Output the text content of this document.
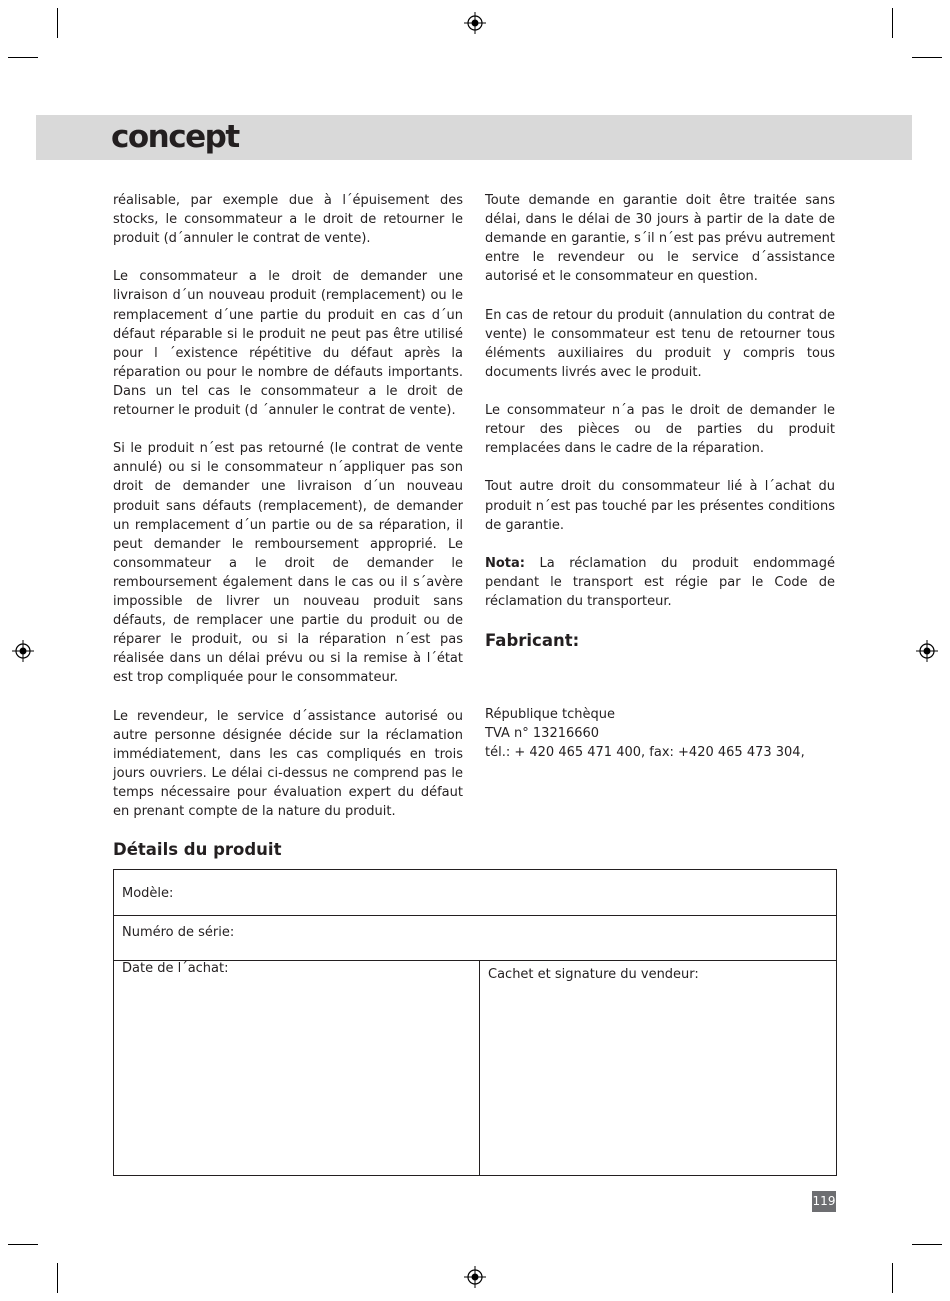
concept

réalisable, par exemple due à l´épuisement des stocks, le consommateur a le droit de retourner le produit (d´annuler le contrat de vente).

Le consommateur a le droit de demander une livraison d´un nouveau produit (remplacement) ou le remplacement d´une partie du produit en cas d´un défaut réparable si le produit ne peut pas être utilisé pour l ´existence répétitive du défaut après la réparation ou pour le nombre de défauts importants. Dans un tel cas le consommateur a le droit de retourner le produit (d ´annuler le contrat de vente).

Si le produit n´est pas retourné (le contrat de vente annulé) ou si le consommateur n´appliquer pas son droit de demander une livraison d´un nouveau produit sans défauts (remplacement), de demander un remplacement d´un partie ou de sa réparation, il peut demander le remboursement approprié. Le consommateur a le droit de demander le remboursement également dans le cas ou il s´avère impossible de livrer un nouveau produit sans défauts, de remplacer une partie du produit ou de réparer le produit, ou si la réparation n´est pas réalisée dans un délai prévu ou si la remise à l´état est trop compliquée pour le consommateur.

Le revendeur, le service d´assistance autorisé ou autre personne désignée décide sur la réclamation immédiatement, dans les cas compliqués en trois jours ouvriers. Le délai ci-dessus ne comprend pas le temps nécessaire pour évaluation expert du défaut en prenant compte de la nature du produit.

Toute demande en garantie doit être traitée sans délai, dans le délai de 30 jours à partir de la date de demande en garantie, s´il n´est pas prévu autrement entre le revendeur ou le service d´assistance autorisé et le consommateur en question.

En cas de retour du produit (annulation du contrat de vente) le consommateur est tenu de retourner tous éléments auxiliaires du produit y compris tous documents livrés avec le produit.

Le consommateur n´a pas le droit de demander le retour des pièces ou de parties du produit remplacées dans le cadre de la réparation.

Tout autre droit du consommateur lié à l´achat du produit n´est pas touché par les présentes conditions de garantie.

Nota: La réclamation du produit endommagé pendant le transport est régie par le Code de réclamation du transporteur.

Fabricant:

République tchèque

TVA n° 13216660

tél.: + 420 465 471 400, fax: +420 465 473 304,

Détails du produit
Modèle:
Numéro de série:
Date de l´achat:	Cachet et signature du vendeur:
119
